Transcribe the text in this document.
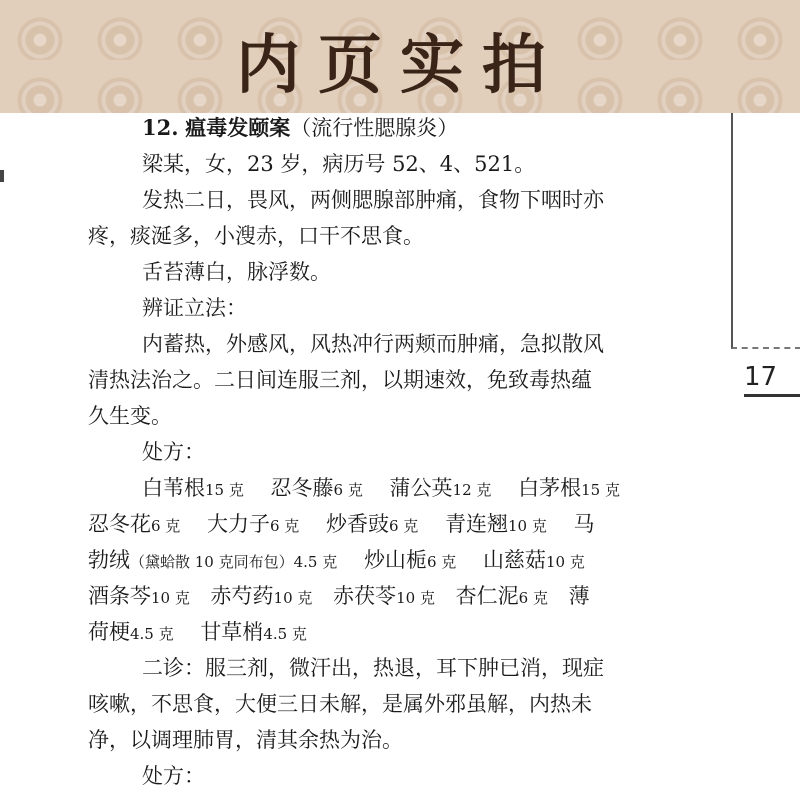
内页实拍
17
12. 瘟毒发颐案（流行性腮腺炎）
梁某，女，23 岁，病历号 52、4、521。
发热二日，畏风，两侧腮腺部肿痛，食物下咽时亦
疼，痰涎多，小溲赤，口干不思食。
舌苔薄白，脉浮数。
辨证立法：
内蓄热，外感风，风热冲行两颊而肿痛，急拟散风
清热法治之。二日间连服三剂，以期速效，免致毒热蕴
久生变。
处方：
白苇根15 克 忍冬藤6 克 蒲公英12 克 白茅根15 克
忍冬花6 克 大力子6 克 炒香豉6 克 青连翘10 克 马
勃绒（黛蛤散 10 克同布包）4.5 克 炒山栀6 克 山慈菇10 克
酒条芩10 克 赤芍药10 克 赤茯苓10 克 杏仁泥6 克 薄
荷梗4.5 克 甘草梢4.5 克
二诊：服三剂，微汗出，热退，耳下肿已消，现症
咳嗽，不思食，大便三日未解，是属外邪虽解，内热未
净，以调理肺胃，清其余热为治。
处方：
